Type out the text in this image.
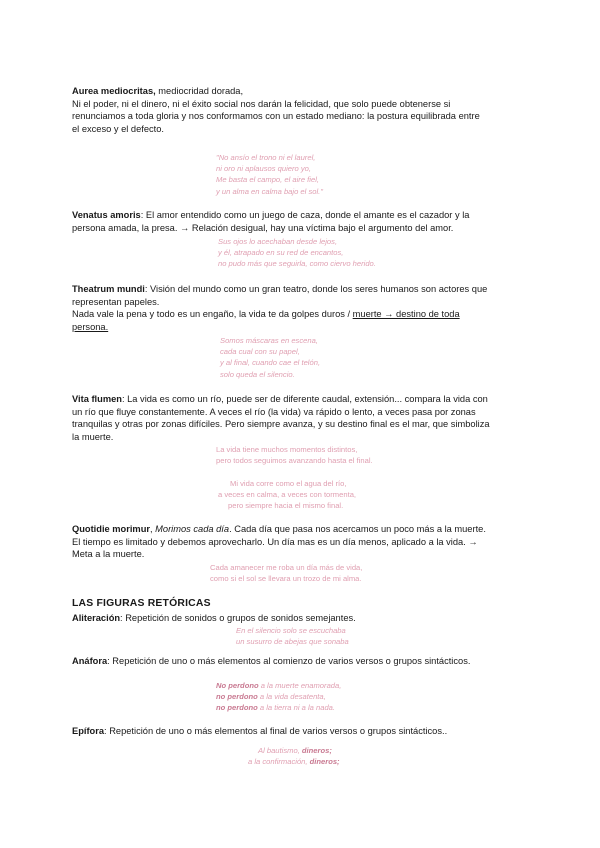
Aurea mediocritas, mediocridad dorada,

Ni el poder, ni el dinero, ni el éxito social nos darán la felicidad, que solo puede obtenerse si

renunciamos a toda gloria y nos conformamos con un estado mediano: la postura equilibrada entre

el exceso y el defecto.

"No ansío el trono ni el laurel,

ni oro ni aplausos quiero yo,

Me basta el campo, el aire fiel,

y un alma en calma bajo el sol."

Venatus amoris: El amor entendido como un juego de caza, donde el amante es el cazador y la

persona amada, la presa. → Relación desigual, hay una víctima bajo el argumento del amor.

Sus ojos lo acechaban desde lejos,

y él, atrapado en su red de encantos,

no pudo más que seguirla, como ciervo herido.

Theatrum mundi: Visión del mundo como un gran teatro, donde los seres humanos son actores que

representan papeles.

Nada vale la pena y todo es un engaño, la vida te da golpes duros / muerte → destino de toda

persona.

Somos máscaras en escena,

cada cual con su papel,

y al final, cuando cae el telón,

solo queda el silencio.

Vita flumen: La vida es como un río, puede ser de diferente caudal, extensión... compara la vida con

un río que fluye constantemente. A veces el río (la vida) va rápido o lento, a veces pasa por zonas

tranquilas y otras por zonas difíciles. Pero siempre avanza, y su destino final es el mar, que simboliza

la muerte.

La vida tiene muchos momentos distintos,

pero todos seguimos avanzando hasta el final.

Mi vida corre como el agua del río,

a veces en calma, a veces con tormenta,

pero siempre hacia el mismo final.

Quotidie morimur, Morimos cada día. Cada día que pasa nos acercamos un poco más a la muerte.

El tiempo es limitado y debemos aprovecharlo. Un día mas es un día menos, aplicado a la vida. →

Meta a la muerte.

Cada amanecer me roba un día más de vida,

como si el sol se llevara un trozo de mi alma.

LAS FIGURAS RETÓRICAS

Aliteración: Repetición de sonidos o grupos de sonidos semejantes.

En el silencio solo se escuchaba

un susurro de abejas que sonaba

Anáfora: Repetición de uno o más elementos al comienzo de varios versos o grupos sintácticos.

No perdono a la muerte enamorada,

no perdono a la vida desatenta,

no perdono a la tierra ni a la nada.

Epífora: Repetición de uno o más elementos al final de varios versos o grupos sintácticos..

Al bautismo, dineros;

a la confirmación, dineros;
